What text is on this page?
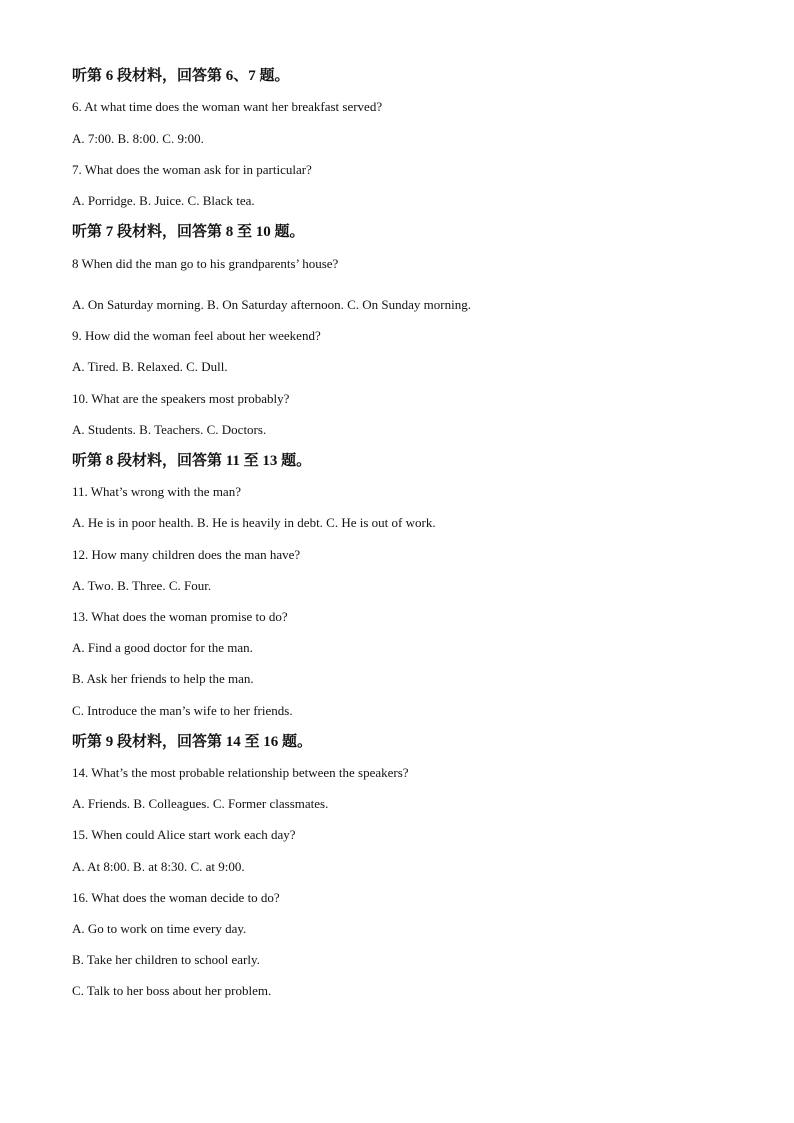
听第 6 段材料，回答第 6、7 题。
6. At what time does the woman want her breakfast served?
A. 7:00. B. 8:00. C. 9:00.
7. What does the woman ask for in particular?
A. Porridge. B. Juice. C. Black tea.
听第 7 段材料，回答第 8 至 10 题。
8 When did the man go to his grandparents’ house?
A. On Saturday morning. B. On Saturday afternoon. C. On Sunday morning.
9. How did the woman feel about her weekend?
A. Tired. B. Relaxed. C. Dull.
10. What are the speakers most probably?
A. Students. B. Teachers. C. Doctors.
听第 8 段材料，回答第 11 至 13 题。
11. What’s wrong with the man?
A. He is in poor health. B. He is heavily in debt. C. He is out of work.
12. How many children does the man have?
A. Two. B. Three. C. Four.
13. What does the woman promise to do?
A. Find a good doctor for the man.
B. Ask her friends to help the man.
C. Introduce the man’s wife to her friends.
听第 9 段材料，回答第 14 至 16 题。
14. What’s the most probable relationship between the speakers?
A. Friends. B. Colleagues. C. Former classmates.
15. When could Alice start work each day?
A. At 8:00. B. at 8:30. C. at 9:00.
16. What does the woman decide to do?
A. Go to work on time every day.
B. Take her children to school early.
C. Talk to her boss about her problem.
